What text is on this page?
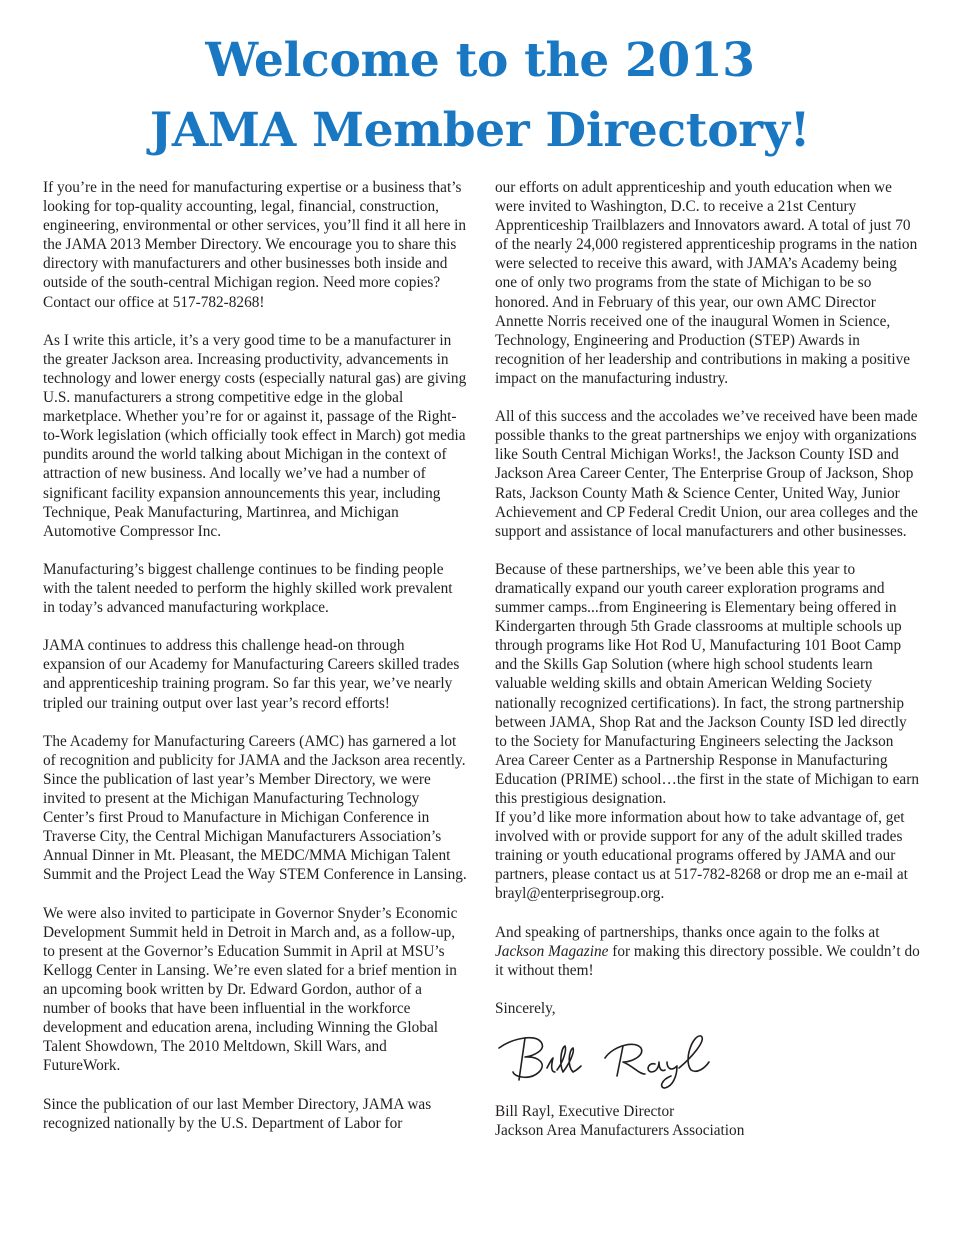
Welcome to the 2013
JAMA Member Directory!

If you’re in the need for manufacturing expertise or a business that’s looking for top-quality accounting, legal, financial, construction, engineering, environmental or other services, you’ll find it all here in the JAMA 2013 Member Directory. We encourage you to share this directory with manufacturers and other businesses both inside and outside of the south-central Michigan region. Need more copies? Contact our office at 517-782-8268!

As I write this article, it’s a very good time to be a manufacturer in the greater Jackson area. Increasing productivity, advancements in technology and lower energy costs (especially natural gas) are giving U.S. manufacturers a strong competitive edge in the global marketplace. Whether you’re for or against it, passage of the Right-to-Work legislation (which officially took effect in March) got media pundits around the world talking about Michigan in the context of attraction of new business. And locally we’ve had a number of significant facility expansion announcements this year, including Technique, Peak Manufacturing, Martinrea, and Michigan Automotive Compressor Inc.

Manufacturing’s biggest challenge continues to be finding people with the talent needed to perform the highly skilled work prevalent in today’s advanced manufacturing workplace.

JAMA continues to address this challenge head-on through expansion of our Academy for Manufacturing Careers skilled trades and apprenticeship training program. So far this year, we’ve nearly tripled our training output over last year’s record efforts!

The Academy for Manufacturing Careers (AMC) has garnered a lot of recognition and publicity for JAMA and the Jackson area recently. Since the publication of last year’s Member Directory, we were invited to present at the Michigan Manufacturing Technology Center’s first Proud to Manufacture in Michigan Conference in Traverse City, the Central Michigan Manufacturers Association’s Annual Dinner in Mt. Pleasant, the MEDC/MMA Michigan Talent Summit and the Project Lead the Way STEM Conference in Lansing.

We were also invited to participate in Governor Snyder’s Economic Development Summit held in Detroit in March and, as a follow-up, to present at the Governor’s Education Summit in April at MSU’s Kellogg Center in Lansing. We’re even slated for a brief mention in an upcoming book written by Dr. Edward Gordon, author of a number of books that have been influential in the workforce development and education arena, including Winning the Global Talent Showdown, The 2010 Meltdown, Skill Wars, and FutureWork.

Since the publication of our last Member Directory, JAMA was recognized nationally by the U.S. Department of Labor for

our efforts on adult apprenticeship and youth education when we were invited to Washington, D.C. to receive a 21st Century Apprenticeship Trailblazers and Innovators award. A total of just 70 of the nearly 24,000 registered apprenticeship programs in the nation were selected to receive this award, with JAMA’s Academy being one of only two programs from the state of Michigan to be so honored. And in February of this year, our own AMC Director Annette Norris received one of the inaugural Women in Science, Technology, Engineering and Production (STEP) Awards in recognition of her leadership and contributions in making a positive impact on the manufacturing industry.

All of this success and the accolades we’ve received have been made possible thanks to the great partnerships we enjoy with organizations like South Central Michigan Works!, the Jackson County ISD and Jackson Area Career Center, The Enterprise Group of Jackson, Shop Rats, Jackson County Math & Science Center, United Way, Junior Achievement and CP Federal Credit Union, our area colleges and the support and assistance of local manufacturers and other businesses.

Because of these partnerships, we’ve been able this year to dramatically expand our youth career exploration programs and summer camps...from Engineering is Elementary being offered in Kindergarten through 5th Grade classrooms at multiple schools up through programs like Hot Rod U, Manufacturing 101 Boot Camp and the Skills Gap Solution (where high school students learn valuable welding skills and obtain American Welding Society nationally recognized certifications). In fact, the strong partnership between JAMA, Shop Rat and the Jackson County ISD led directly to the Society for Manufacturing Engineers selecting the Jackson Area Career Center as a Partnership Response in Manufacturing Education (PRIME) school…the first in the state of Michigan to earn this prestigious designation.

If you’d like more information about how to take advantage of, get involved with or provide support for any of the adult skilled trades training or youth educational programs offered by JAMA and our partners, please contact us at 517-782-8268 or drop me an e-mail at brayl@enterprisegroup.org.

And speaking of partnerships, thanks once again to the folks at Jackson Magazine for making this directory possible. We couldn’t do it without them!

Sincerely,

Bill Rayl, Executive Director

Jackson Area Manufacturers Association
